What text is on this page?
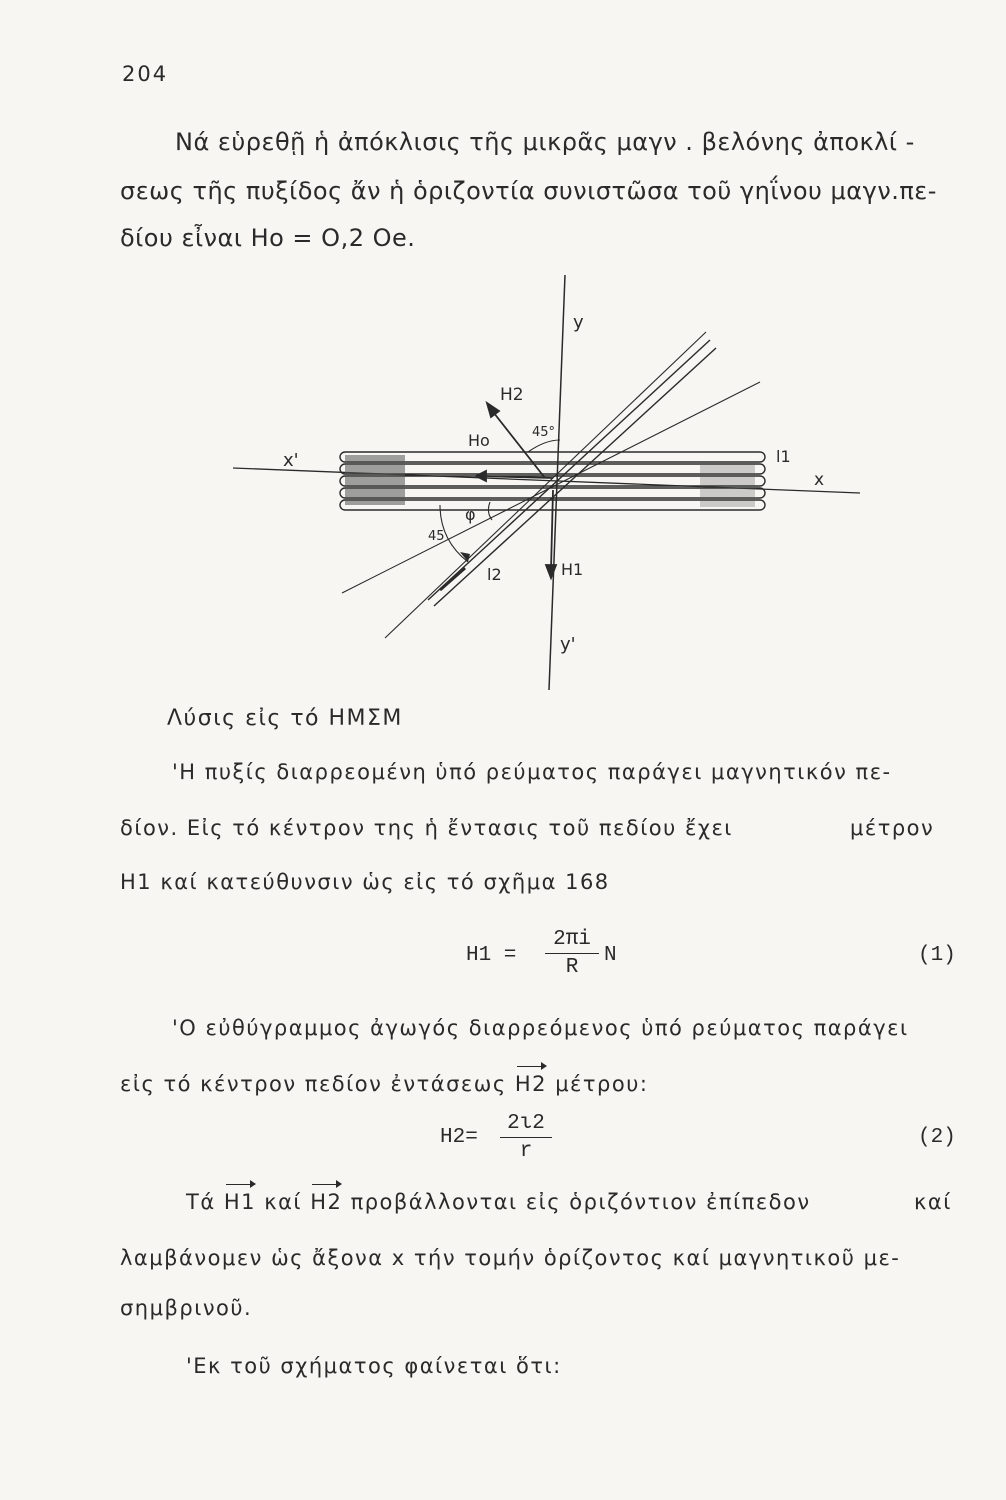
204
Νά εὑρεθῇ ἡ ἀπόκλισις τῆς μικρᾶς μαγν . βελόνης ἀποκλί -
σεως τῆς πυξίδος ἄν ἡ ὁριζοντία συνιστῶσα τοῦ γηΐνου μαγν.πε-
δίου εἶναι Ho = O,2 Oe.
y
y'
x
x'
H2
Ho
H1
45°
45
φ
l1
l2
Λύσις εἰς τό ΗΜΣΜ
'Η πυξίς διαρρεομένη ὑπό ρεύματος παράγει μαγνητικόν πε-
δίον. Εἰς τό κέντρον της ἡ ἔντασις τοῦ πεδίου ἔχει	μέτρον
H1 καί κατεύθυνσιν ὡς εἰς τό σχῆμα 168
H1 =
2πi
R
N	(1)
'Ο εὐθύγραμμος ἀγωγός διαρρεόμενος ὑπό ρεύματος παράγει
εἰς τό κέντρον πεδίον ἐντάσεως H2 μέτρου:
H2=
2ι2
r
(2)
Τά H1 καί H2 προβάλλονται εἰς ὁριζόντιον ἐπίπεδον	καί
λαμβάνομεν ὡς ἄξονα x τήν τομήν ὁρίζοντος καί μαγνητικοῦ με-
σημβρινοῦ.
'Εκ τοῦ σχήματος φαίνεται ὅτι:
